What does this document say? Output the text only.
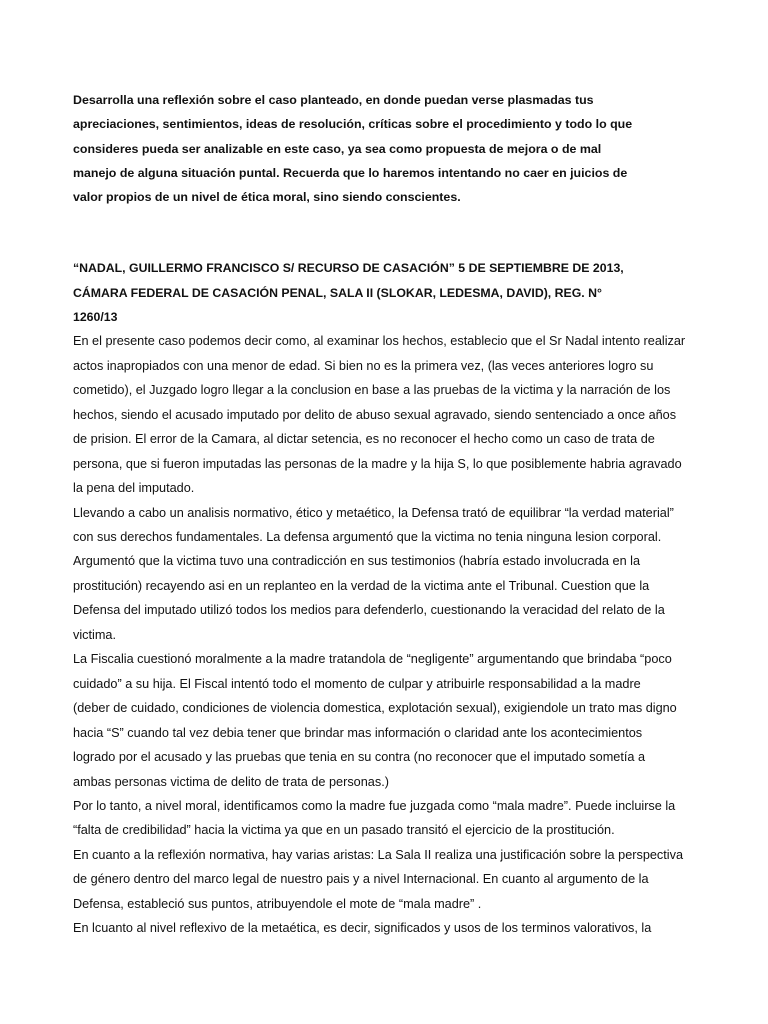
Desarrolla una reflexión sobre el caso planteado, en donde puedan verse plasmadas tus
apreciaciones, sentimientos, ideas de resolución, críticas sobre el procedimiento y todo lo que
consideres pueda ser analizable en este caso, ya sea como propuesta de mejora o de mal
manejo de alguna situación puntal. Recuerda que lo haremos intentando no caer en juicios de
valor propios de un nivel de ética moral, sino siendo conscientes.
“NADAL, GUILLERMO FRANCISCO S/ RECURSO DE CASACIÓN” 5 DE SEPTIEMBRE DE 2013,
CÁMARA FEDERAL DE CASACIÓN PENAL, SALA II (SLOKAR, LEDESMA, DAVID), REG. N°
1260/13

En el presente caso podemos decir como, al examinar los hechos, establecio que el Sr Nadal intento realizar
actos inapropiados con una menor de edad. Si bien no es la primera vez, (las veces anteriores logro su
cometido), el Juzgado logro llegar a la conclusion en base a las pruebas de la victima y la narración de los
hechos, siendo el acusado imputado por delito de abuso sexual agravado, siendo sentenciado a once años
de prision. El error de la Camara, al dictar setencia, es no reconocer el hecho como un caso de trata de
persona, que si fueron imputadas las personas de la madre y la hija S, lo que posiblemente habria agravado
la pena del imputado.

Llevando a cabo un analisis normativo, ético y metaético, la Defensa trató de equilibrar “la verdad material”
con sus derechos fundamentales. La defensa argumentó que la victima no tenia ninguna lesion corporal.
Argumentó que la victima tuvo una contradicción en sus testimonios (habría estado involucrada en la
prostitución) recayendo asi en un replanteo en la verdad de la victima ante el Tribunal. Cuestion que la
Defensa del imputado utilizó todos los medios para defenderlo, cuestionando la veracidad del relato de la
victima.

La Fiscalia cuestionó moralmente a la madre tratandola de “negligente” argumentando que brindaba “poco
cuidado” a su hija. El Fiscal intentó todo el momento de culpar y atribuirle responsabilidad a la madre
(deber de cuidado, condiciones de violencia domestica, explotación sexual), exigiendole un trato mas digno
hacia “S” cuando tal vez debia tener que brindar mas información o claridad ante los acontecimientos
logrado por el acusado y las pruebas que tenia en su contra (no reconocer que el imputado sometía a
ambas personas victima de delito de trata de personas.)

Por lo tanto, a nivel moral, identificamos como la madre fue juzgada como “mala madre”. Puede incluirse la
“falta de credibilidad” hacia la victima ya que en un pasado transitó el ejercicio de la prostitución.

En cuanto a la reflexión normativa, hay varias aristas: La Sala II realiza una justificación sobre la perspectiva
de género dentro del marco legal de nuestro pais y a nivel Internacional. En cuanto al argumento de la
Defensa, estableció sus puntos, atribuyendole el mote de “mala madre” .

En lcuanto al nivel reflexivo de la metaética, es decir, significados y usos de los terminos valorativos, la
